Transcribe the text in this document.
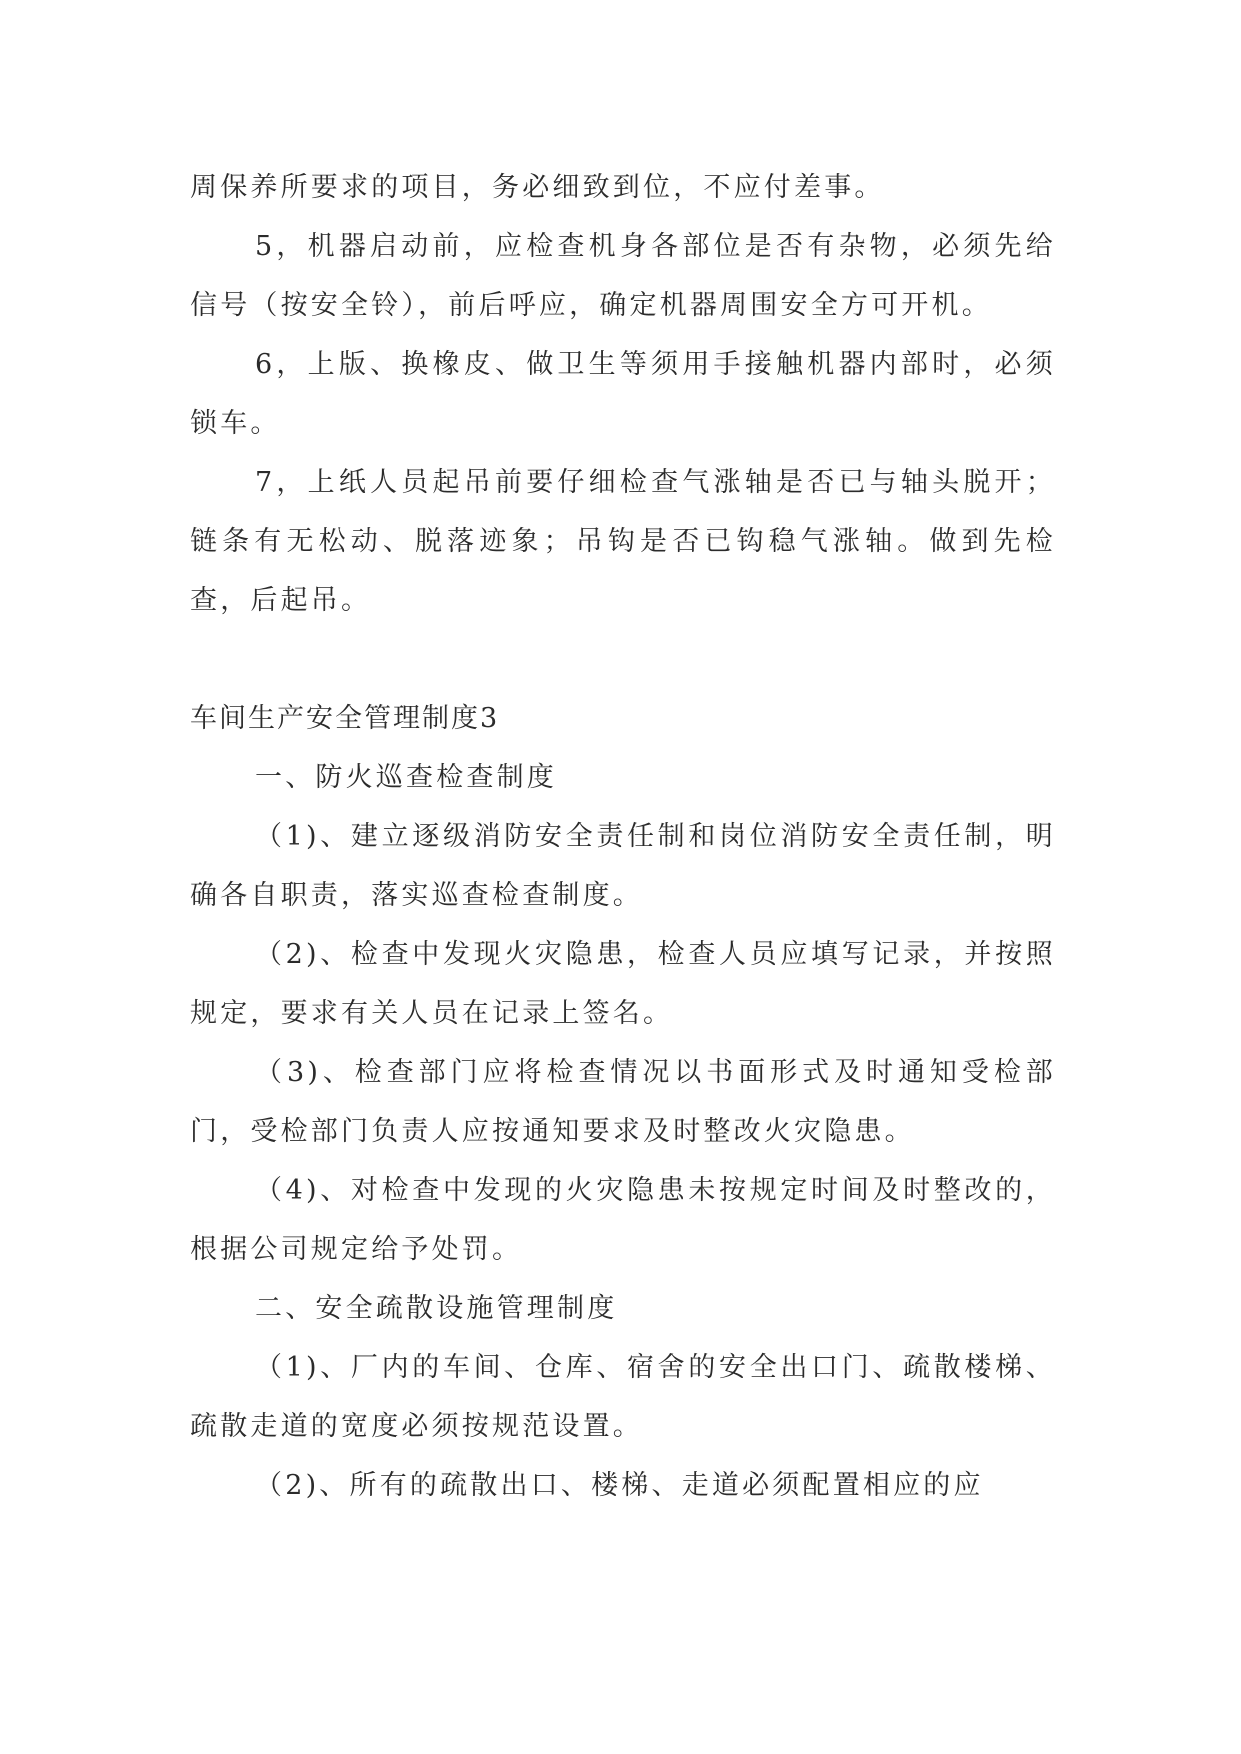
周保养所要求的项目，务必细致到位，不应付差事。

5，机器启动前，应检查机身各部位是否有杂物，必须先给信号（按安全铃），前后呼应，确定机器周围安全方可开机。

6，上版、换橡皮、做卫生等须用手接触机器内部时，必须锁车。

7，上纸人员起吊前要仔细检查气涨轴是否已与轴头脱开；链条有无松动、脱落迹象；吊钩是否已钩稳气涨轴。做到先检查，后起吊。

车间生产安全管理制度3

一、防火巡查检查制度

（1)、建立逐级消防安全责任制和岗位消防安全责任制，明确各自职责，落实巡查检查制度。

（2)、检查中发现火灾隐患，检查人员应填写记录，并按照规定，要求有关人员在记录上签名。

（3)、检查部门应将检查情况以书面形式及时通知受检部门，受检部门负责人应按通知要求及时整改火灾隐患。

（4)、对检查中发现的火灾隐患未按规定时间及时整改的，根据公司规定给予处罚。

二、安全疏散设施管理制度

（1)、厂内的车间、仓库、宿舍的安全出口门、疏散楼梯、疏散走道的宽度必须按规范设置。

（2)、所有的疏散出口、楼梯、走道必须配置相应的应
